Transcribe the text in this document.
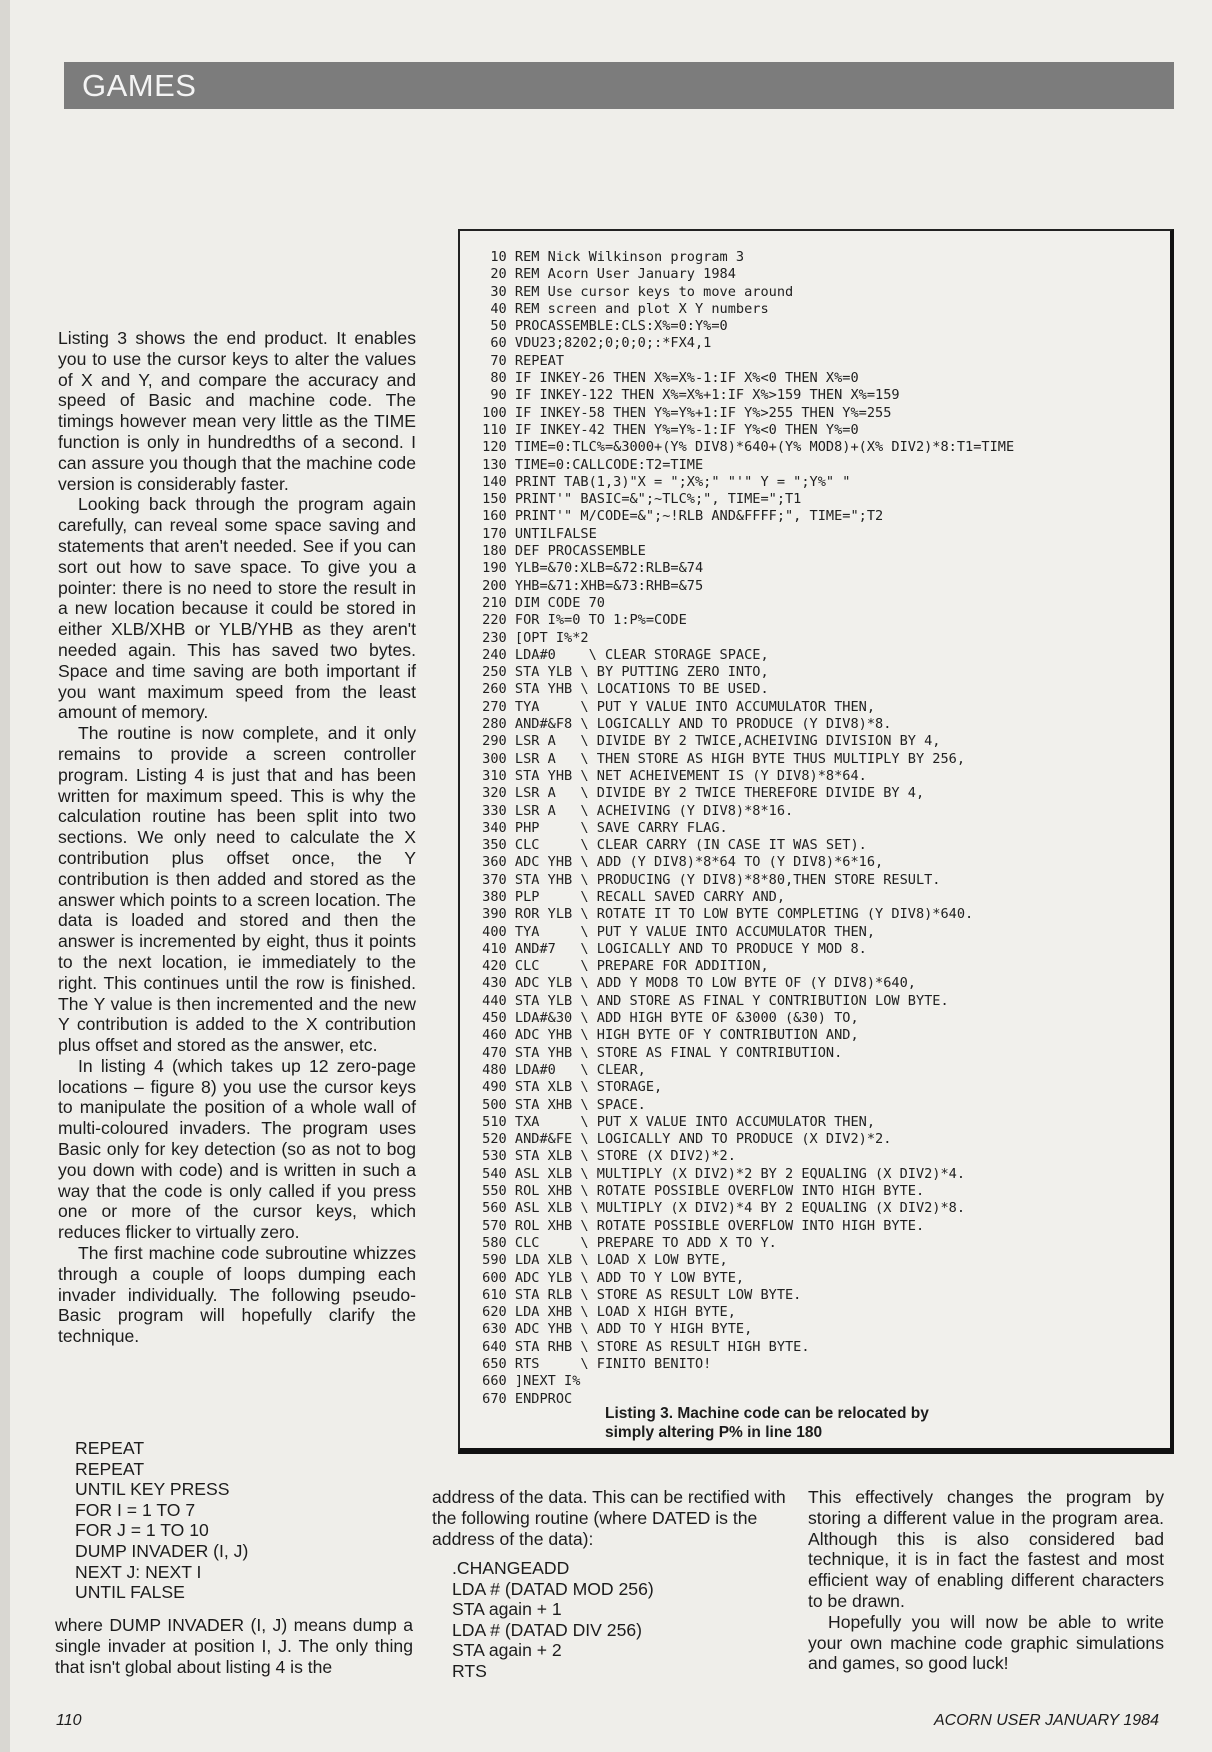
GAMES

Listing 3 shows the end product. It enables you to use the cursor keys to alter the values of X and Y, and compare the accuracy and speed of Basic and machine code. The timings however mean very little as the TIME function is only in hundredths of a second. I can assure you though that the machine code version is considerably faster.

Looking back through the program again carefully, can reveal some space saving and statements that aren't needed. See if you can sort out how to save space. To give you a pointer: there is no need to store the result in a new location because it could be stored in either XLB/XHB or YLB/YHB as they aren't needed again. This has saved two bytes. Space and time saving are both important if you want maximum speed from the least amount of memory.

The routine is now complete, and it only remains to provide a screen controller program. Listing 4 is just that and has been written for maximum speed. This is why the calculation routine has been split into two sections. We only need to calculate the X contribution plus offset once, the Y contribution is then added and stored as the answer which points to a screen location. The data is loaded and stored and then the answer is incremented by eight, thus it points to the next location, ie immediately to the right. This continues until the row is finished. The Y value is then incremented and the new Y contribution is added to the X contribution plus offset and stored as the answer, etc.

In listing 4 (which takes up 12 zero-page locations – figure 8) you use the cursor keys to manipulate the position of a whole wall of multi-coloured invaders. The program uses Basic only for key detection (so as not to bog you down with code) and is written in such a way that the code is only called if you press one or more of the cursor keys, which reduces flicker to virtually zero.

The first machine code subroutine whizzes through a couple of loops dumping each invader individually. The following pseudo-Basic program will hopefully clarify the technique.

REPEAT
REPEAT
UNTIL KEY PRESS
FOR I = 1 TO 7
FOR J = 1 TO 10
DUMP INVADER (I, J)
NEXT J: NEXT I
UNTIL FALSE

where DUMP INVADER (I, J) means dump a single invader at position I, J. The only thing that isn't global about listing 4 is the

address of the data. This can be rectified with the following routine (where DATED is the address of the data):

.CHANGEADD
LDA # (DATAD MOD 256)
STA again + 1
LDA # (DATAD DIV 256)
STA again + 2
RTS

This effectively changes the program by storing a different value in the program area. Although this is also considered bad technique, it is in fact the fastest and most efficient way of enabling different characters to be drawn.

Hopefully you will now be able to write your own machine code graphic simulations and games, so good luck!

10 REM Nick Wilkinson program 3
20 REM Acorn User January 1984
30 REM Use cursor keys to move around
40 REM screen and plot X Y numbers
50 PROCASSEMBLE:CLS:X%=0:Y%=0
60 VDU23;8202;0;0;0;:*FX4,1
70 REPEAT
80 IF INKEY-26 THEN X%=X%-1:IF X%<0 THEN X%=0
90 IF INKEY-122 THEN X%=X%+1:IF X%>159 THEN X%=159
100 IF INKEY-58 THEN Y%=Y%+1:IF Y%>255 THEN Y%=255
110 IF INKEY-42 THEN Y%=Y%-1:IF Y%<0 THEN Y%=0
120 TIME=0:TLC%=&3000+(Y% DIV8)*640+(Y% MOD8)+(X% DIV2)*8:T1=TIME
130 TIME=0:CALLCODE:T2=TIME
140 PRINT TAB(1,3)"X = ";X%;" "'" Y = ";Y%" "
150 PRINT'" BASIC=&";~TLC%;", TIME=";T1
160 PRINT'" M/CODE=&";~!RLB AND&FFFF;", TIME=";T2
170 UNTILFALSE
180 DEF PROCASSEMBLE
190 YLB=&70:XLB=&72:RLB=&74
200 YHB=&71:XHB=&73:RHB=&75
210 DIM CODE 70
220 FOR I%=0 TO 1:P%=CODE
230 [OPT I%*2
240 LDA#0    \ CLEAR STORAGE SPACE,
250 STA YLB \ BY PUTTING ZERO INTO,
260 STA YHB \ LOCATIONS TO BE USED.
270 TYA     \ PUT Y VALUE INTO ACCUMULATOR THEN,
280 AND#&F8 \ LOGICALLY AND TO PRODUCE (Y DIV8)*8.
290 LSR A   \ DIVIDE BY 2 TWICE,ACHEIVING DIVISION BY 4,
300 LSR A   \ THEN STORE AS HIGH BYTE THUS MULTIPLY BY 256,
310 STA YHB \ NET ACHEIVEMENT IS (Y DIV8)*8*64.
320 LSR A   \ DIVIDE BY 2 TWICE THEREFORE DIVIDE BY 4,
330 LSR A   \ ACHEIVING (Y DIV8)*8*16.
340 PHP     \ SAVE CARRY FLAG.
350 CLC     \ CLEAR CARRY (IN CASE IT WAS SET).
360 ADC YHB \ ADD (Y DIV8)*8*64 TO (Y DIV8)*6*16,
370 STA YHB \ PRODUCING (Y DIV8)*8*80,THEN STORE RESULT.
380 PLP     \ RECALL SAVED CARRY AND,
390 ROR YLB \ ROTATE IT TO LOW BYTE COMPLETING (Y DIV8)*640.
400 TYA     \ PUT Y VALUE INTO ACCUMULATOR THEN,
410 AND#7   \ LOGICALLY AND TO PRODUCE Y MOD 8.
420 CLC     \ PREPARE FOR ADDITION,
430 ADC YLB \ ADD Y MOD8 TO LOW BYTE OF (Y DIV8)*640,
440 STA YLB \ AND STORE AS FINAL Y CONTRIBUTION LOW BYTE.
450 LDA#&30 \ ADD HIGH BYTE OF &3000 (&30) TO,
460 ADC YHB \ HIGH BYTE OF Y CONTRIBUTION AND,
470 STA YHB \ STORE AS FINAL Y CONTRIBUTION.
480 LDA#0   \ CLEAR,
490 STA XLB \ STORAGE,
500 STA XHB \ SPACE.
510 TXA     \ PUT X VALUE INTO ACCUMULATOR THEN,
520 AND#&FE \ LOGICALLY AND TO PRODUCE (X DIV2)*2.
530 STA XLB \ STORE (X DIV2)*2.
540 ASL XLB \ MULTIPLY (X DIV2)*2 BY 2 EQUALING (X DIV2)*4.
550 ROL XHB \ ROTATE POSSIBLE OVERFLOW INTO HIGH BYTE.
560 ASL XLB \ MULTIPLY (X DIV2)*4 BY 2 EQUALING (X DIV2)*8.
570 ROL XHB \ ROTATE POSSIBLE OVERFLOW INTO HIGH BYTE.
580 CLC     \ PREPARE TO ADD X TO Y.
590 LDA XLB \ LOAD X LOW BYTE,
600 ADC YLB \ ADD TO Y LOW BYTE,
610 STA RLB \ STORE AS RESULT LOW BYTE.
620 LDA XHB \ LOAD X HIGH BYTE,
630 ADC YHB \ ADD TO Y HIGH BYTE,
640 STA RHB \ STORE AS RESULT HIGH BYTE.
650 RTS     \ FINITO BENITO!
660 ]NEXT I%
670 ENDPROC
Listing 3. Machine code can be relocated by
simply altering P% in line 180
110	ACORN USER JANUARY 1984
